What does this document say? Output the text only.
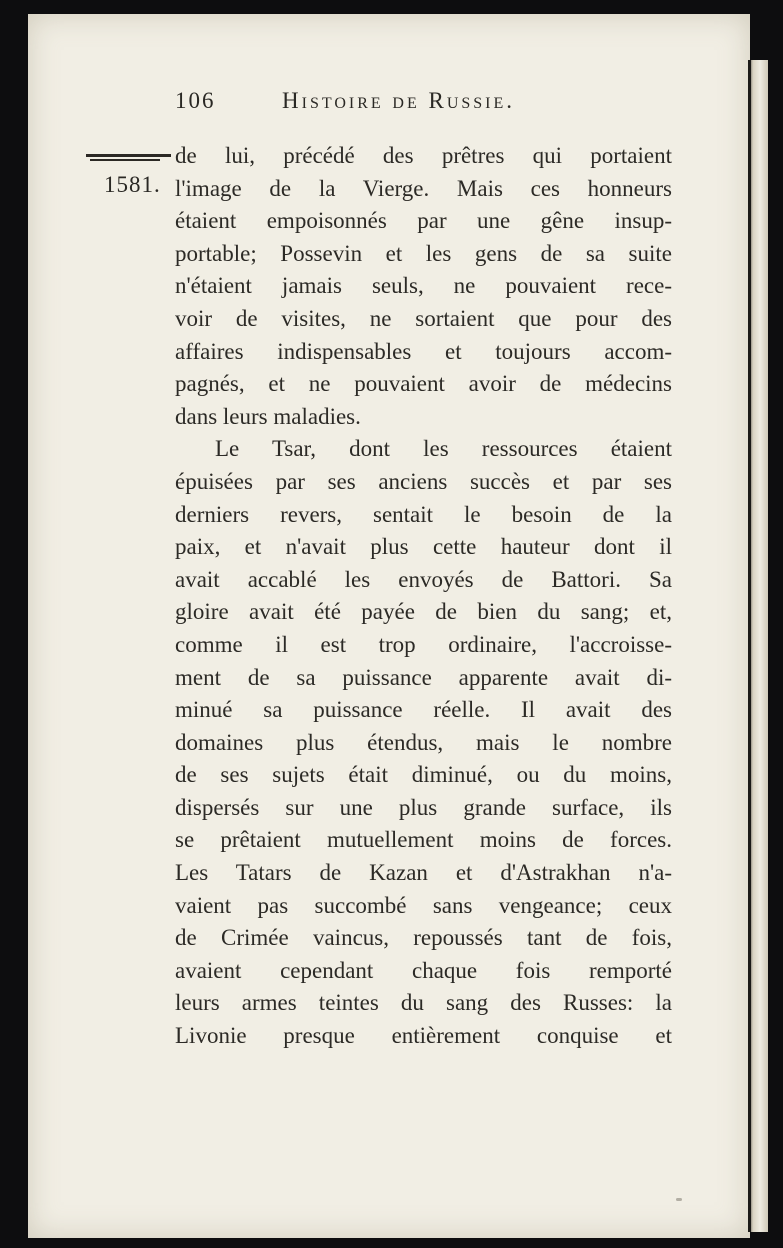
106	Histoire de Russie.
1581.
de lui, précédé des prêtres qui portaient
l'image de la Vierge. Mais ces honneurs
étaient empoisonnés par une gêne insup-
portable; Possevin et les gens de sa suite
n'étaient jamais seuls, ne pouvaient rece-
voir de visites, ne sortaient que pour des
affaires indispensables et toujours accom-
pagnés, et ne pouvaient avoir de médecins
dans leurs maladies.
Le Tsar, dont les ressources étaient
épuisées par ses anciens succès et par ses
derniers revers, sentait le besoin de la
paix, et n'avait plus cette hauteur dont il
avait accablé les envoyés de Battori. Sa
gloire avait été payée de bien du sang; et,
comme il est trop ordinaire, l'accroisse-
ment de sa puissance apparente avait di-
minué sa puissance réelle. Il avait des
domaines plus étendus, mais le nombre
de ses sujets était diminué, ou du moins,
dispersés sur une plus grande surface, ils
se prêtaient mutuellement moins de forces.
Les Tatars de Kazan et d'Astrakhan n'a-
vaient pas succombé sans vengeance; ceux
de Crimée vaincus, repoussés tant de fois,
avaient cependant chaque fois remporté
leurs armes teintes du sang des Russes: la
Livonie presque entièrement conquise et
